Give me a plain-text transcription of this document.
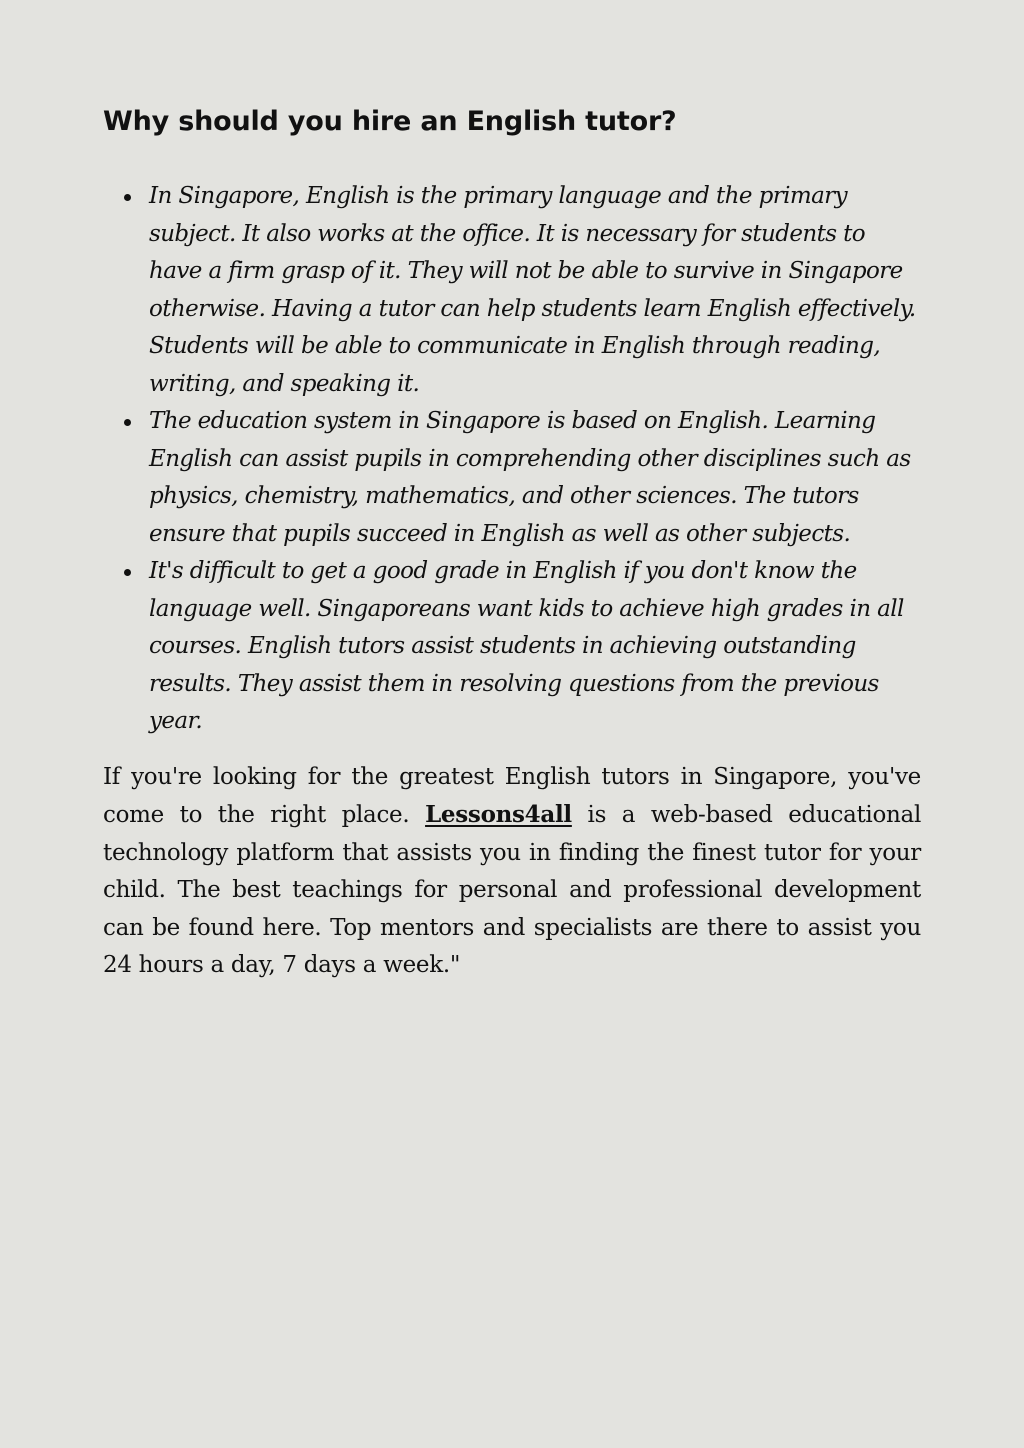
Why should you hire an English tutor?
In Singapore, English is the primary language and the primary subject. It also works at the office. It is necessary for students to have a firm grasp of it. They will not be able to survive in Singapore otherwise. Having a tutor can help students learn English effectively. Students will be able to communicate in English through reading, writing, and speaking it.
The education system in Singapore is based on English. Learning English can assist pupils in comprehending other disciplines such as physics, chemistry, mathematics, and other sciences. The tutors ensure that pupils succeed in English as well as other subjects.
It's difficult to get a good grade in English if you don't know the language well. Singaporeans want kids to achieve high grades in all courses. English tutors assist students in achieving outstanding results. They assist them in resolving questions from the previous year.

If you're looking for the greatest English tutors in Singapore, you've come to the right place. Lessons4all is a web-based educational technology platform that assists you in finding the finest tutor for your child. The best teachings for personal and professional development can be found here. Top mentors and specialists are there to assist you 24 hours a day, 7 days a week."
